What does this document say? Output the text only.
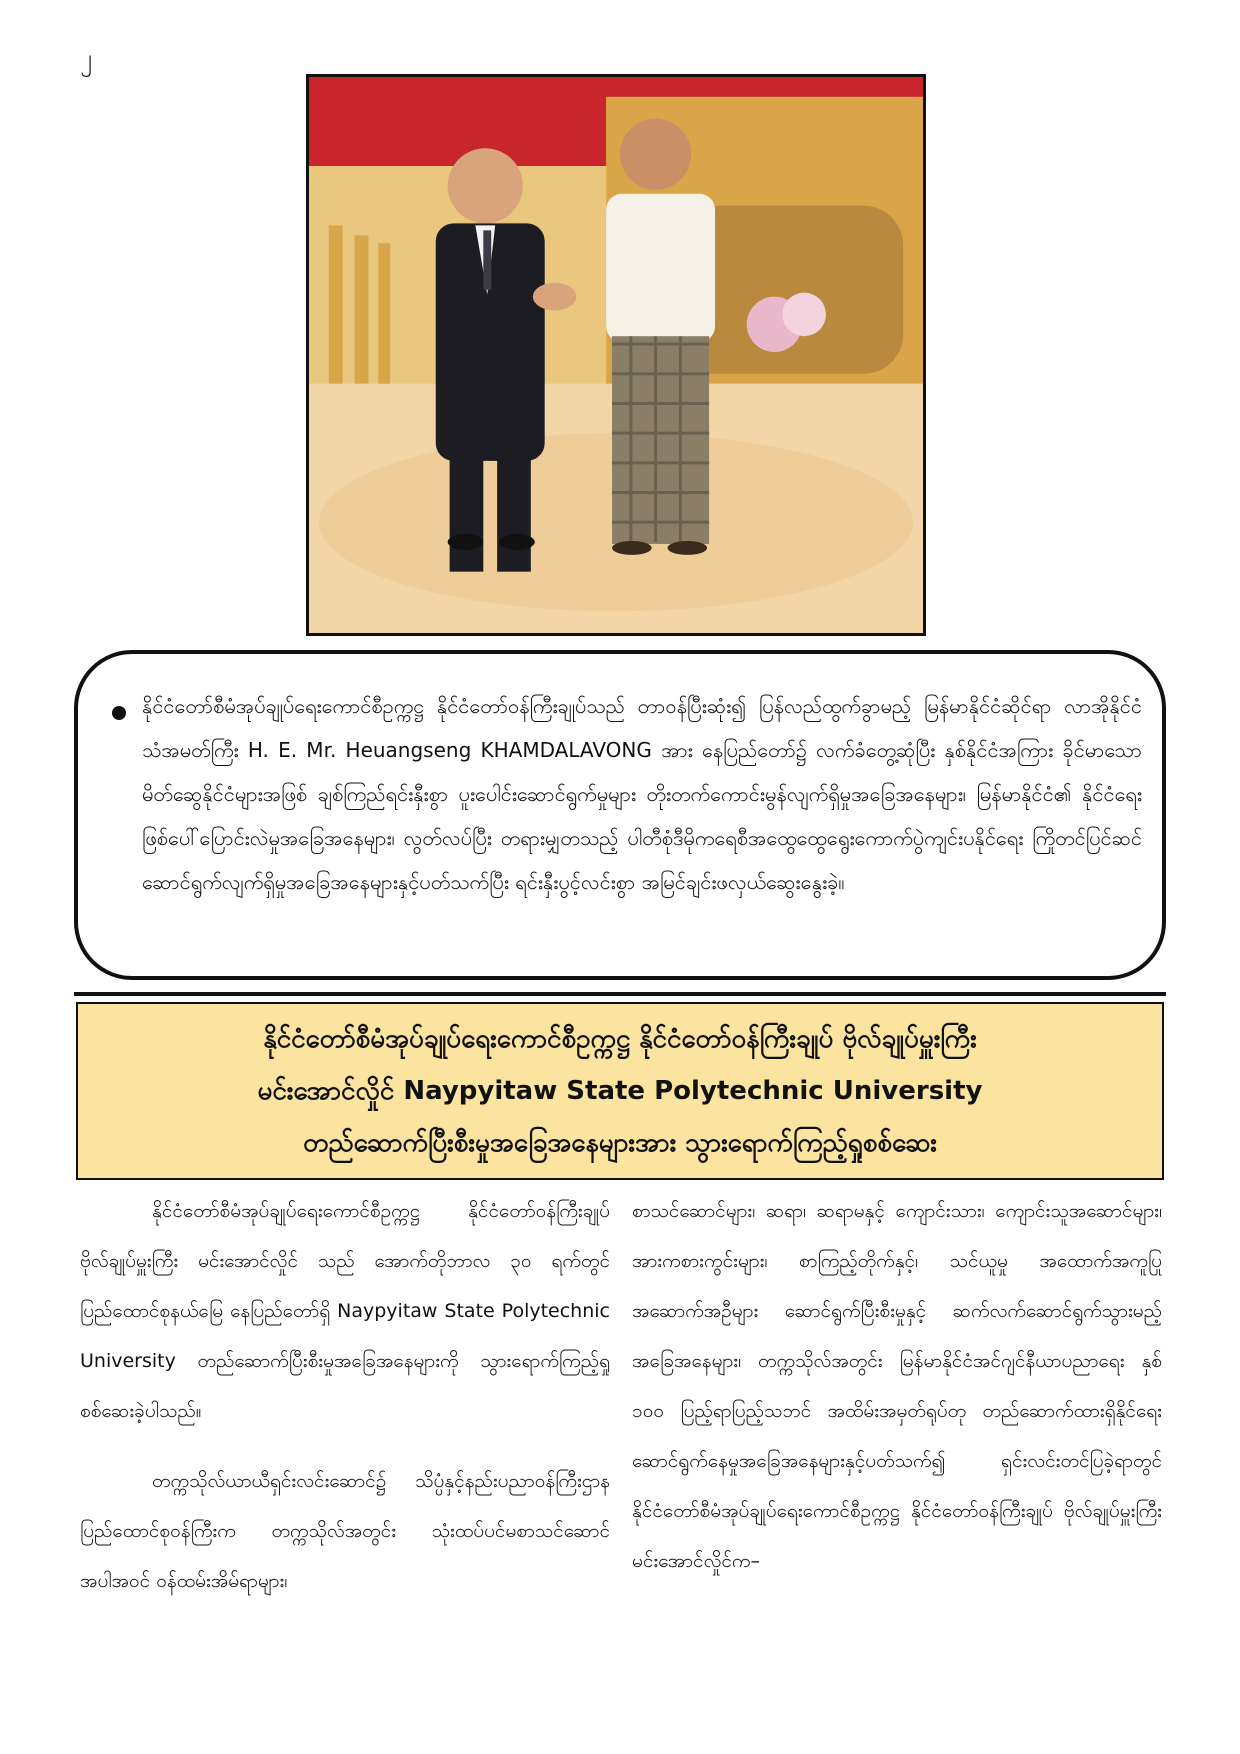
၂
နိုင်ငံတော်စီမံအုပ်ချုပ်ရေးကောင်စီဥက္ကဋ္ဌ နိုင်ငံတော်ဝန်ကြီးချုပ်သည် တာဝန်ပြီးဆုံး၍ ပြန်လည်ထွက်ခွာမည့် မြန်မာနိုင်ငံဆိုင်ရာ လာအိုနိုင်ငံ သံအမတ်ကြီး H. E. Mr. Heuangseng KHAMDALAVONG အား နေပြည်တော်၌ လက်ခံတွေ့ဆုံပြီး နှစ်နိုင်ငံအကြား ခိုင်မာသော မိတ်ဆွေနိုင်ငံများအဖြစ် ချစ်ကြည်ရင်းနှီးစွာ ပူးပေါင်းဆောင်ရွက်မှုများ တိုးတက်ကောင်းမွန်လျက်ရှိမှုအခြေအနေများ၊ မြန်မာနိုင်ငံ၏ နိုင်ငံရေးဖြစ်ပေါ်ပြောင်းလဲမှုအခြေအနေများ၊ လွတ်လပ်ပြီး တရားမျှတသည့် ပါတီစုံဒီမိုကရေစီအထွေထွေရွေးကောက်ပွဲကျင်းပနိုင်ရေး ကြိုတင်ပြင်ဆင်ဆောင်ရွက်လျက်ရှိမှုအခြေအနေများနှင့်ပတ်သက်ပြီး ရင်းနှီးပွင့်လင်းစွာ အမြင်ချင်းဖလှယ်ဆွေးနွေးခဲ့။
နိုင်ငံတော်စီမံအုပ်ချုပ်ရေးကောင်စီဥက္ကဋ္ဌ နိုင်ငံတော်ဝန်ကြီးချုပ် ဗိုလ်ချုပ်မှူးကြီး
မင်းအောင်လှိုင် Naypyitaw State Polytechnic University
တည်ဆောက်ပြီးစီးမှုအခြေအနေများအား သွားရောက်ကြည့်ရှုစစ်ဆေး

နိုင်ငံတော်စီမံအုပ်ချုပ်ရေးကောင်စီဥက္ကဋ္ဌ နိုင်ငံတော်ဝန်ကြီးချုပ် ဗိုလ်ချုပ်မှူးကြီး မင်းအောင်လှိုင် သည် အောက်တိုဘာလ ၃၀ ရက်တွင် ပြည်ထောင်စုနယ်မြေ နေပြည်တော်ရှိ Naypyitaw State Polytechnic University တည်ဆောက်ပြီးစီးမှုအခြေအနေများကို သွားရောက်ကြည့်ရှုစစ်ဆေးခဲ့ပါသည်။

တက္ကသိုလ်ယာယီရှင်းလင်းဆောင်၌ သိပ္ပံနှင့်နည်းပညာဝန်ကြီးဌာန ပြည်ထောင်စုဝန်ကြီးက တက္ကသိုလ်အတွင်း သုံးထပ်ပင်မစာသင်ဆောင် အပါအဝင် ဝန်ထမ်းအိမ်ရာများ၊

စာသင်ဆောင်များ၊ ဆရာ၊ ဆရာမနှင့် ကျောင်းသား၊ ကျောင်းသူအဆောင်များ၊ အားကစားကွင်းများ၊ စာကြည့်တိုက်နှင့်၊ သင်ယူမှု အထောက်အကူပြုအဆောက်အဦများ ဆောင်ရွက်ပြီးစီးမှုနှင့် ဆက်လက်ဆောင်ရွက်သွားမည့်အခြေအနေများ၊ တက္ကသိုလ်အတွင်း မြန်မာနိုင်ငံအင်ဂျင်နီယာပညာရေး နှစ် ၁၀၀ ပြည့်ရာပြည့်သဘင် အထိမ်းအမှတ်ရုပ်တု တည်ဆောက်ထားရှိနိုင်ရေး ဆောင်ရွက်နေမှုအခြေအနေများနှင့်ပတ်သက်၍ ရှင်းလင်းတင်ပြခဲ့ရာတွင် နိုင်ငံတော်စီမံအုပ်ချုပ်ရေးကောင်စီဥက္ကဋ္ဌ နိုင်ငံတော်ဝန်ကြီးချုပ် ဗိုလ်ချုပ်မှူးကြီး မင်းအောင်လှိုင်က–
